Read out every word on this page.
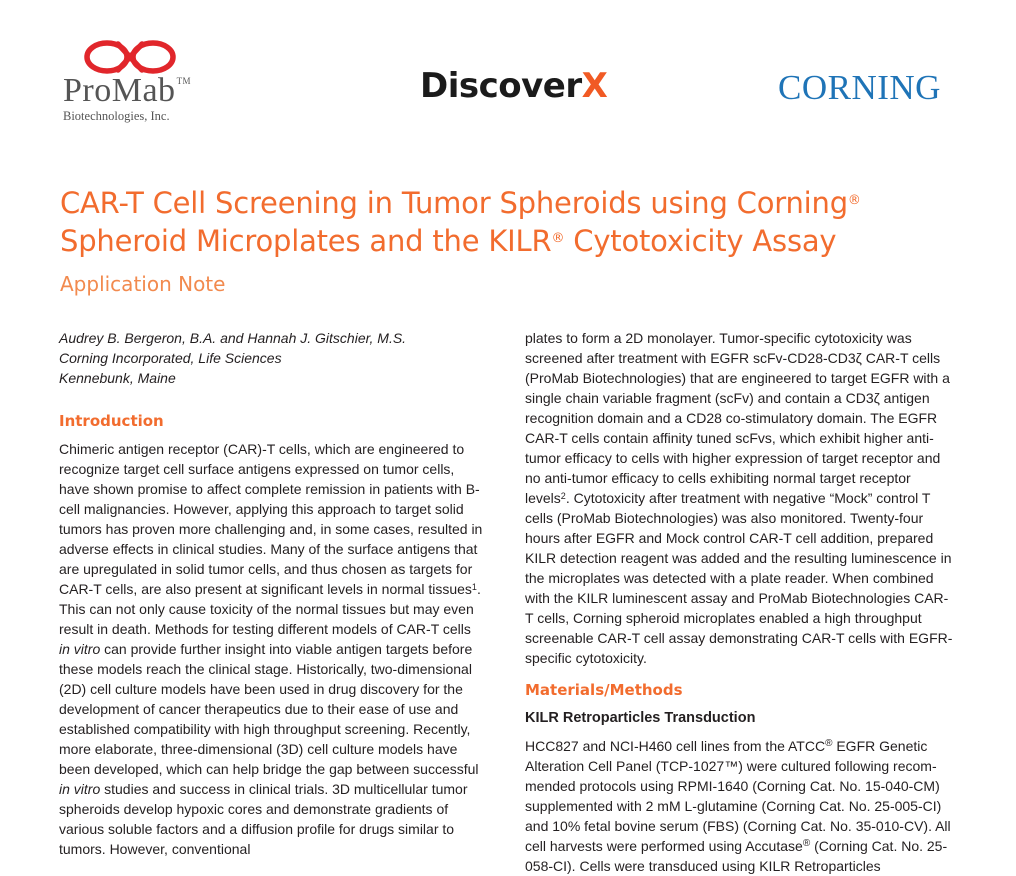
ProMab™
Biotechnologies, Inc.
DiscoverX	CORNING
CAR-T Cell Screening in Tumor Spheroids using Corning®
Spheroid Microplates and the KILR® Cytotoxicity Assay
Application Note

Audrey B. Bergeron, B.A. and Hannah J. Gitschier, M.S.

Corning Incorporated, Life Sciences

Kennebunk, Maine

Introduction

Chimeric antigen receptor (CAR)-T cells, which are engineered to recognize target cell surface antigens expressed on tumor cells, have shown promise to affect complete remission in patients with B-cell malignancies. However, applying this approach to target solid tumors has proven more challenging and, in some cases, resulted in adverse effects in clinical studies. Many of the surface antigens that are upregulated in solid tumor cells, and thus chosen as targets for CAR-T cells, are also present at significant levels in normal tissues$^1$. This can not only cause toxicity of the normal tissues but may even result in death. Methods for testing different models of CAR-T cells in vitro can provide further insight into viable antigen targets before these models reach the clinical stage. Historically, two-dimensional (2D) cell culture models have been used in drug discovery for the development of cancer therapeutics due to their ease of use and established compatibility with high throughput screening. Recently, more elaborate, three-dimensional (3D) cell culture models have been developed, which can help bridge the gap between successful in vitro studies and success in clinical trials. 3D multicellular tumor spheroids develop hypoxic cores and demonstrate gradients of various soluble factors and a diffusion profile for drugs similar to tumors. However, conventional

plates to form a 2D monolayer. Tumor-specific cytotoxicity was screened after treatment with EGFR scFv-CD28-CD3ζ CAR-T cells (ProMab Biotechnologies) that are engineered to target EGFR with a single chain variable fragment (scFv) and contain a CD3ζ antigen recognition domain and a CD28 co-stimulatory domain. The EGFR CAR-T cells contain affinity tuned scFvs, which exhibit higher anti-tumor efficacy to cells with higher expression of target receptor and no anti-tumor efficacy to cells exhibiting normal target receptor levels$^2$. Cytotoxicity after treatment with negative “Mock” control T cells (ProMab Biotechnologies) was also monitored. Twenty-four hours after EGFR and Mock control CAR-T cell addition, prepared KILR detection reagent was added and the resulting luminescence in the microplates was detected with a plate reader. When combined with the KILR luminescent assay and ProMab Biotechnologies CAR-T cells, Corning spheroid microplates enabled a high throughput screenable CAR-T cell assay demonstrating CAR-T cells with EGFR-specific cytotoxicity.

Materials/Methods
KILR Retroparticles Transduction

HCC827 and NCI-H460 cell lines from the ATCC® EGFR Genetic Alteration Cell Panel (TCP-1027™) were cultured following recommended protocols using RPMI-1640 (Corning Cat. No. 15-040-CM) supplemented with 2 mM L-glutamine (Corning Cat. No. 25-005-CI) and 10% fetal bovine serum (FBS) (Corning Cat. No. 35-010-CV). All cell harvests were performed using Accutase® (Corning Cat. No. 25-058-CI). Cells were transduced using KILR Retroparticles
